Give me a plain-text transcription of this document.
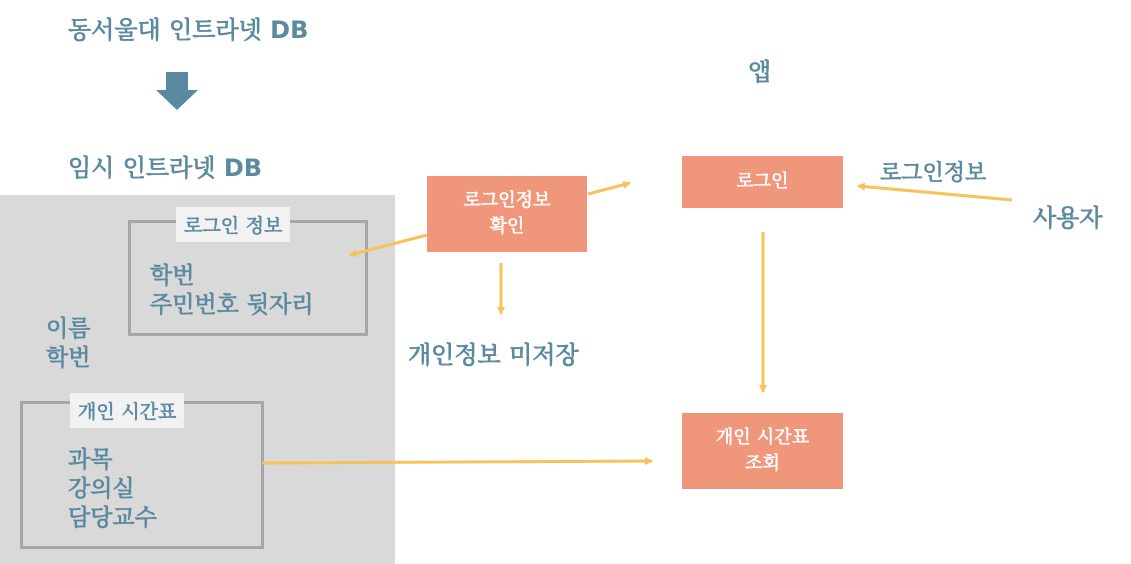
동서울대 인트라넷 DB
임시 인트라넷 DB
앱
사용자
로그인정보
개인정보 미저장
로그인 정보
학번
주민번호 뒷자리
이름
학번
개인 시간표
과목
강의실
담당교수
로그인정보
확인
로그인
개인 시간표
조회
